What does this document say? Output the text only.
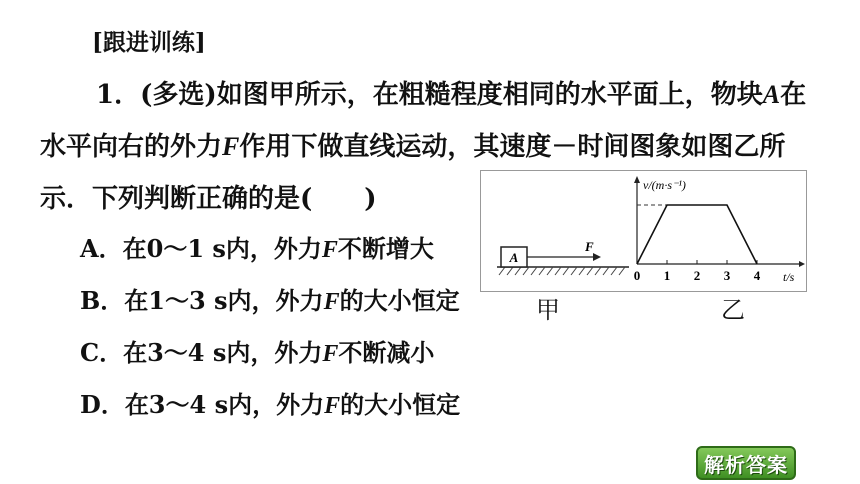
[跟进训练]
1．(多选)如图甲所示，在粗糙程度相同的水平面上，物块A在
水平向右的外力F作用下做直线运动，其速度－时间图象如图乙所
示．下列判断正确的是(　　)
A．在0～1 s内，外力F不断增大
B．在1～3 s内，外力F的大小恒定
C．在3～4 s内，外力F不断减小
D．在3～4 s内，外力F的大小恒定
A
F
v/(m·s⁻¹)
t/s
0 1 2 3 4
甲	乙
解析答案
